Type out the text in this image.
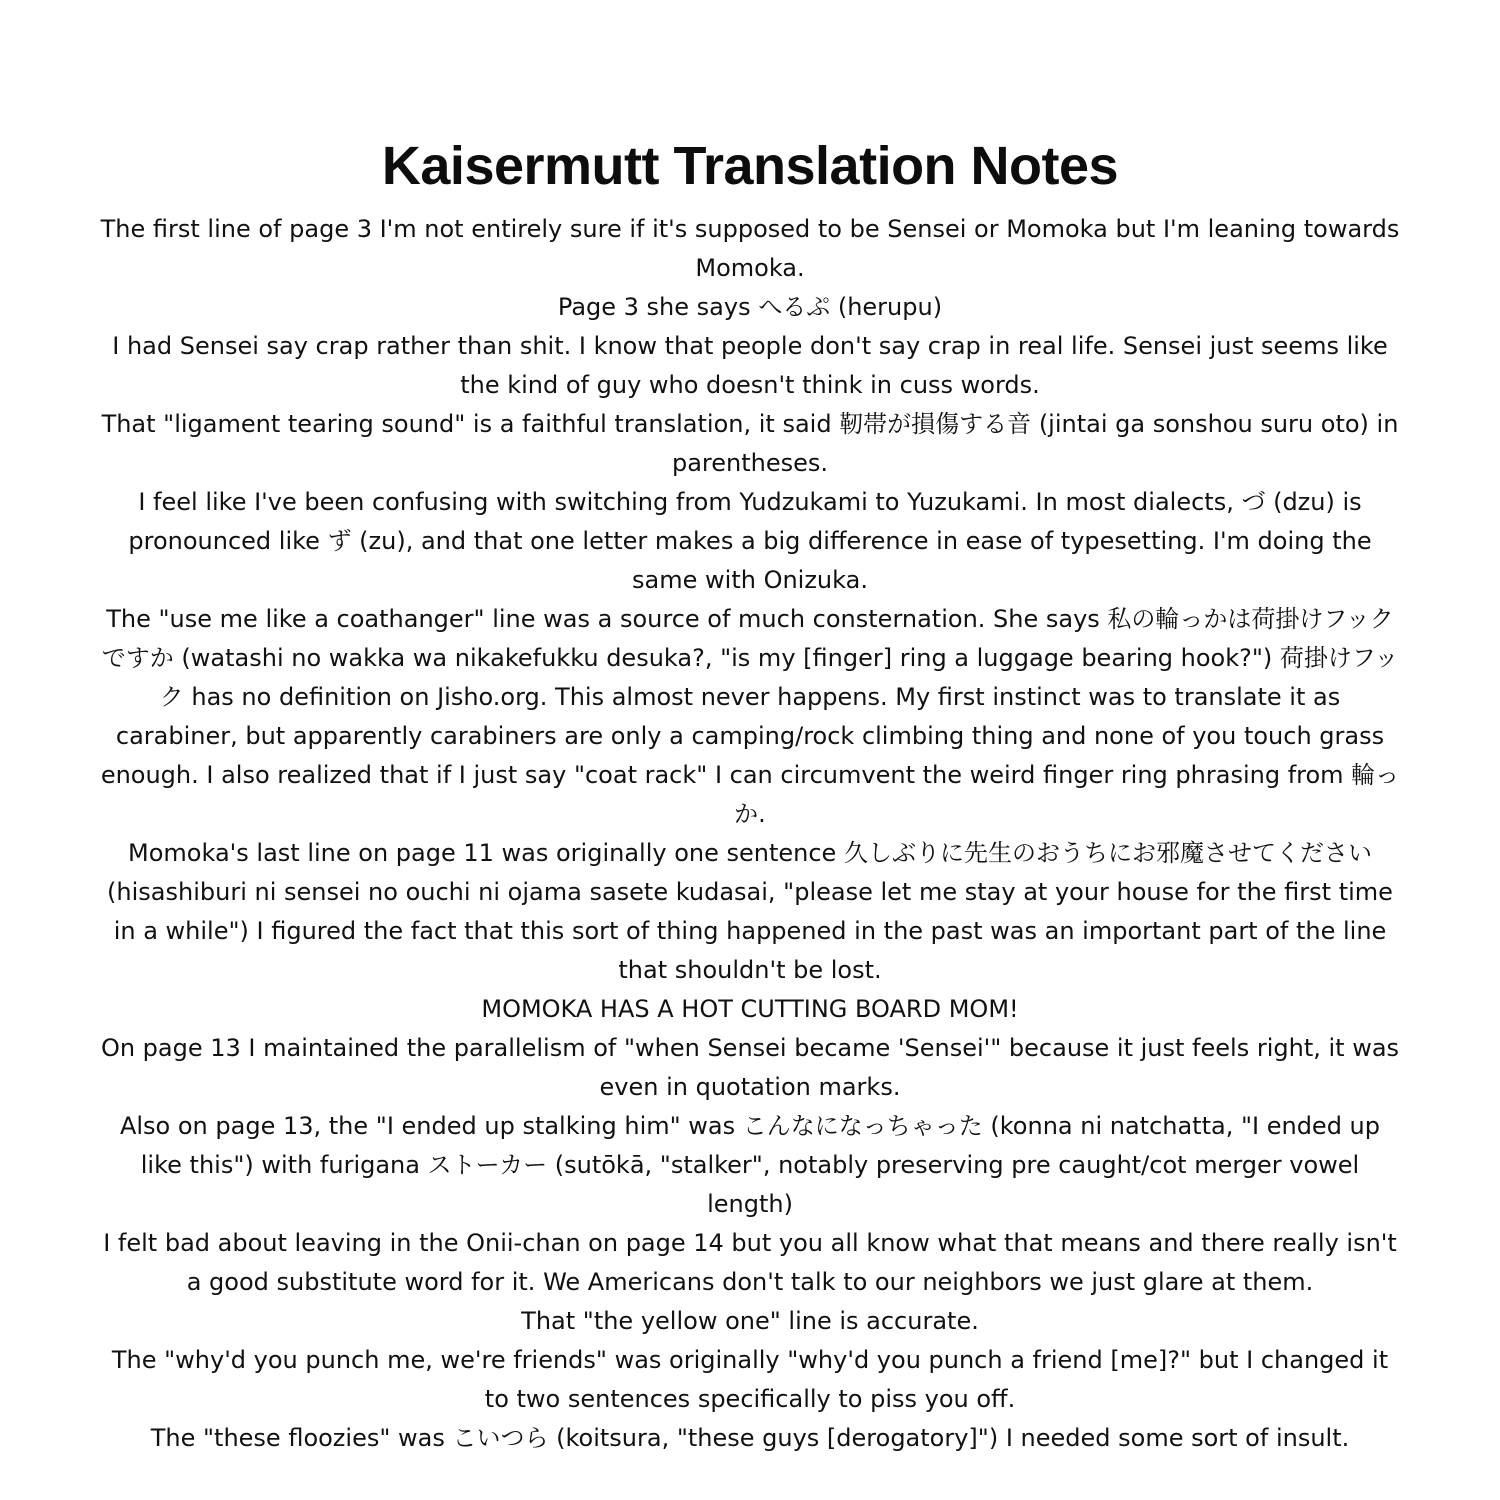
Kaisermutt Translation Notes
The first line of page 3 I'm not entirely sure if it's supposed to be Sensei or Momoka but I'm leaning towards Momoka.
Page 3 she says へるぷ (herupu)
I had Sensei say crap rather than shit. I know that people don't say crap in real life. Sensei just seems like the kind of guy who doesn't think in cuss words.
That "ligament tearing sound" is a faithful translation, it said 靭帯が損傷する音 (jintai ga sonshou suru oto) in parentheses.
I feel like I've been confusing with switching from Yudzukami to Yuzukami. In most dialects, づ (dzu) is pronounced like ず (zu), and that one letter makes a big difference in ease of typesetting. I'm doing the same with Onizuka.
The "use me like a coathanger" line was a source of much consternation. She says 私の輪っかは荷掛けフックですか (watashi no wakka wa nikakefukku desuka?, "is my [finger] ring a luggage bearing hook?") 荷掛けフック has no definition on Jisho.org. This almost never happens. My first instinct was to translate it as carabiner, but apparently carabiners are only a camping/rock climbing thing and none of you touch grass enough. I also realized that if I just say "coat rack" I can circumvent the weird finger ring phrasing from 輪っか.
Momoka's last line on page 11 was originally one sentence 久しぶりに先生のおうちにお邪魔させてください (hisashiburi ni sensei no ouchi ni ojama sasete kudasai, "please let me stay at your house for the first time in a while") I figured the fact that this sort of thing happened in the past was an important part of the line that shouldn't be lost.
MOMOKA HAS A HOT CUTTING BOARD MOM!
On page 13 I maintained the parallelism of "when Sensei became 'Sensei'" because it just feels right, it was even in quotation marks.
Also on page 13, the "I ended up stalking him" was こんなになっちゃった (konna ni natchatta, "I ended up like this") with furigana ストーカー (sutōkā, "stalker", notably preserving pre caught/cot merger vowel length)
I felt bad about leaving in the Onii-chan on page 14 but you all know what that means and there really isn't a good substitute word for it. We Americans don't talk to our neighbors we just glare at them.
That "the yellow one" line is accurate.
The "why'd you punch me, we're friends" was originally "why'd you punch a friend [me]?" but I changed it to two sentences specifically to piss you off.
The "these floozies" was こいつら (koitsura, "these guys [derogatory]") I needed some sort of insult.
